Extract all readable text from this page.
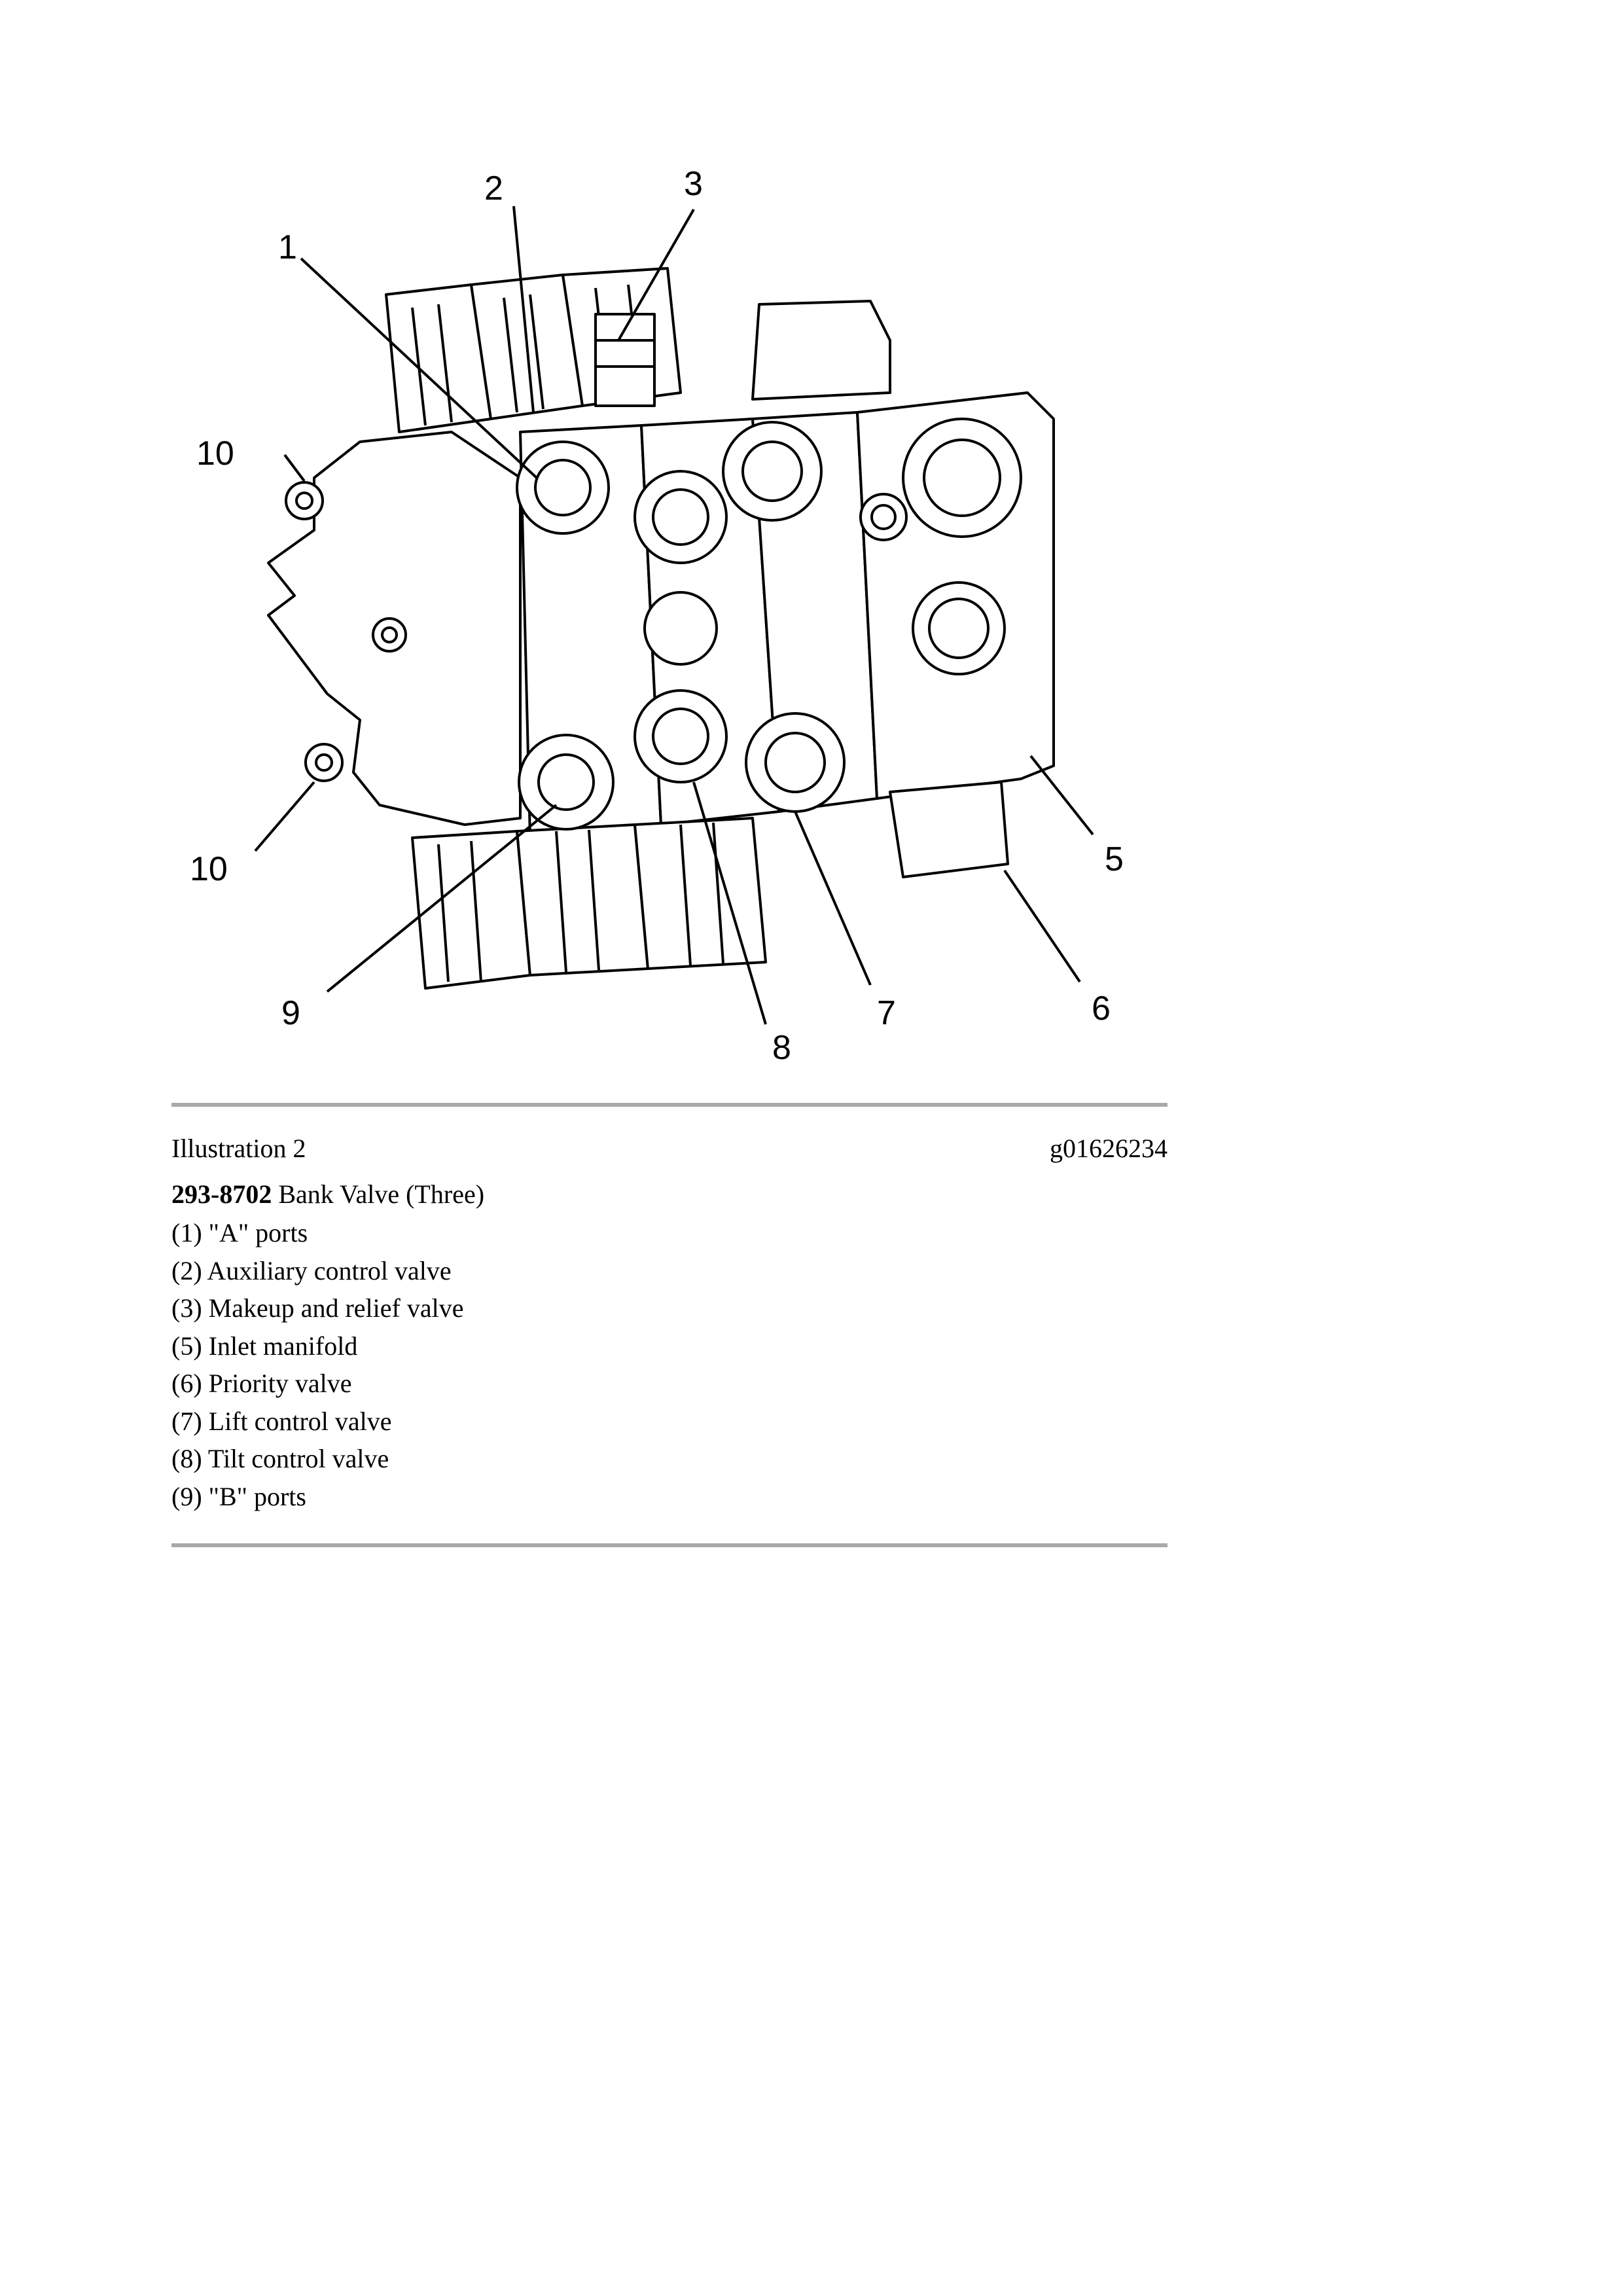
1
2	3
10
10	5
6
7
8
9
Illustration 2	g01626234
293-8702 Bank Valve (Three)
(1) "A" ports
(2) Auxiliary control valve
(3) Makeup and relief valve
(5) Inlet manifold
(6) Priority valve
(7) Lift control valve
(8) Tilt control valve
(9) "B" ports
